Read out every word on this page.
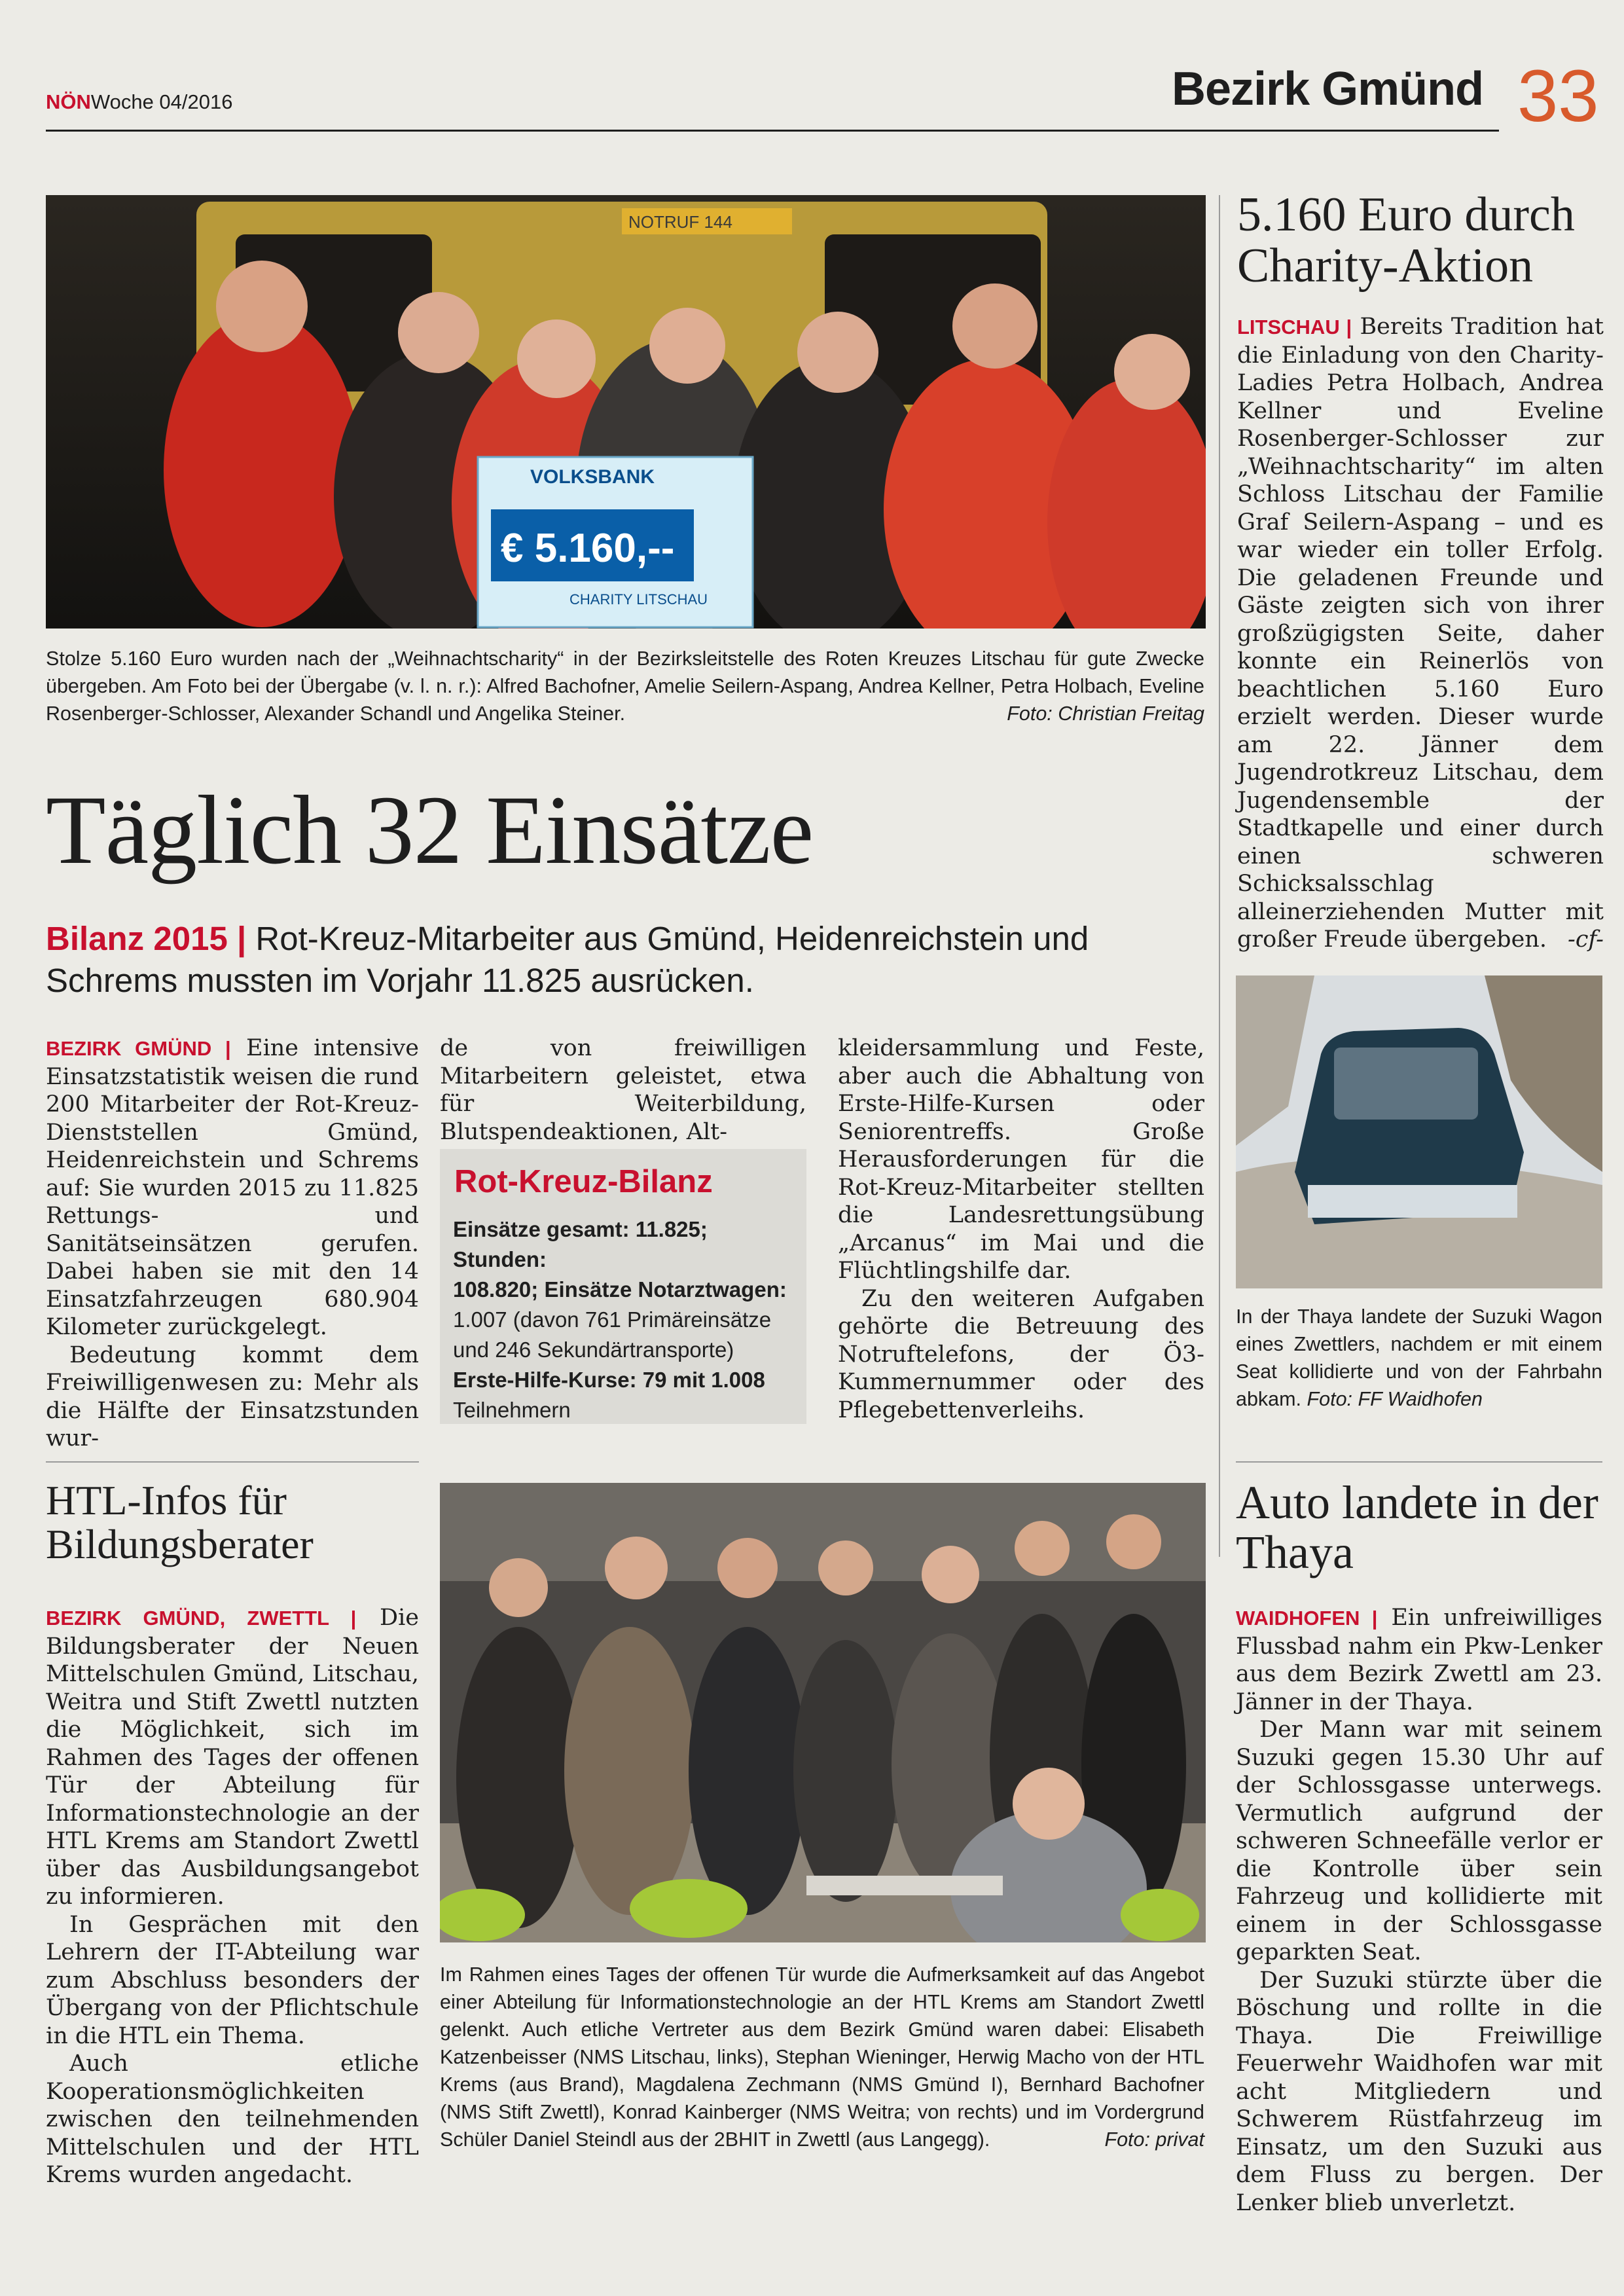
NÖNWoche 04/2016	Bezirk Gmünd 33
NOTRUF 144
VOLKSBANK
€ 5.160,--
CHARITY LITSCHAU
Stolze 5.160 Euro wurden nach der „Weihnachtscharity“ in der Bezirksleitstelle des Roten Kreuzes Litschau für gute Zwecke übergeben. Am Foto bei der Übergabe (v. l. n. r.): Alfred Bachofner, Amelie Seilern-Aspang, Andrea Kellner, Petra Holbach, Eveline Rosenberger-Schlosser, Alexander Schandl und Angelika Steiner.	Foto: Christian Freitag
5.160 Euro durch Charity-Aktion

LITSCHAU | Bereits Tradition hat die Einladung von den Charity-Ladies Petra Holbach, Andrea Kellner und Eveline Rosenberger-Schlosser zur „Weihnachtscharity“ im alten Schloss Litschau der Familie Graf Seilern-Aspang – und es war wieder ein toller Erfolg. Die geladenen Freunde und Gäste zeigten sich von ihrer großzügigsten Seite, daher konnte ein Reinerlös von beachtlichen 5.160 Euro erzielt werden. Dieser wurde am 22. Jänner dem Jugendrotkreuz Litschau, dem Jugendensemble der Stadtkapelle und einer durch einen schweren Schicksalsschlag alleinerziehenden Mutter mit großer Freude übergeben. -cf-

Täglich 32 Einsätze
Bilanz 2015 | Rot-Kreuz-Mitarbeiter aus Gmünd, Heidenreichstein und Schrems mussten im Vorjahr 11.825 ausrücken.

BEZIRK GMÜND | Eine intensive Einsatzstatistik weisen die rund 200 Mitarbeiter der Rot-Kreuz-Dienststellen Gmünd, Heidenreichstein und Schrems auf: Sie wurden 2015 zu 11.825 Rettungs- und Sanitätseinsätzen gerufen. Dabei haben sie mit den 14 Einsatzfahrzeugen 680.904 Kilometer zurückgelegt.

Bedeutung kommt dem Freiwilligenwesen zu: Mehr als die Hälfte der Einsatzstunden wur-

de von freiwilligen Mitarbeitern geleistet, etwa für Weiterbildung, Blutspendeaktionen, Alt-

Rot-Kreuz-Bilanz
Einsätze gesamt: 11.825; Stunden:
108.820; Einsätze Notarztwagen:
1.007 (davon 761 Primäreinsätze
und 246 Sekundärtransporte)
Erste-Hilfe-Kurse: 79 mit 1.008
Teilnehmern

kleidersammlung und Feste, aber auch die Abhaltung von Erste-Hilfe-Kursen oder Seniorentreffs. Große Herausforderungen für die Rot-Kreuz-Mitarbeiter stellten die Landesrettungsübung „Arcanus“ im Mai und die Flüchtlingshilfe dar.

Zu den weiteren Aufgaben gehörte die Betreuung des Notruftelefons, der Ö3-Kummernummer oder des Pflegebettenverleihs.

In der Thaya landete der Suzuki Wagon eines Zwettlers, nachdem er mit einem Seat kollidierte und von der Fahrbahn abkam. Foto: FF Waidhofen
HTL-Infos für Bildungsberater

BEZIRK GMÜND, ZWETTL | Die Bildungsberater der Neuen Mittelschulen Gmünd, Litschau, Weitra und Stift Zwettl nutzten die Möglichkeit, sich im Rahmen des Tages der offenen Tür der Abteilung für Informationstechnologie an der HTL Krems am Standort Zwettl über das Ausbildungsangebot zu informieren.

In Gesprächen mit den Lehrern der IT-Abteilung war zum Abschluss besonders der Übergang von der Pflichtschule in die HTL ein Thema.

Auch etliche Kooperationsmöglichkeiten zwischen den teilnehmenden Mittelschulen und der HTL Krems wurden angedacht.

Im Rahmen eines Tages der offenen Tür wurde die Aufmerksamkeit auf das Angebot einer Abteilung für Informationstechnologie an der HTL Krems am Standort Zwettl gelenkt. Auch etliche Vertreter aus dem Bezirk Gmünd waren dabei: Elisabeth Katzenbeisser (NMS Litschau, links), Stephan Wieninger, Herwig Macho von der HTL Krems (aus Brand), Magdalena Zechmann (NMS Gmünd I), Bernhard Bachofner (NMS Stift Zwettl), Konrad Kainberger (NMS Weitra; von rechts) und im Vordergrund Schüler Daniel Steindl aus der 2BHIT in Zwettl (aus Langegg).	Foto: privat
Auto landete in der Thaya

WAIDHOFEN | Ein unfreiwilliges Flussbad nahm ein Pkw-Lenker aus dem Bezirk Zwettl am 23. Jänner in der Thaya.

Der Mann war mit seinem Suzuki gegen 15.30 Uhr auf der Schlossgasse unterwegs. Vermutlich aufgrund der schweren Schneefälle verlor er die Kontrolle über sein Fahrzeug und kollidierte mit einem in der Schlossgasse geparkten Seat.

Der Suzuki stürzte über die Böschung und rollte in die Thaya. Die Freiwillige Feuerwehr Waidhofen war mit acht Mitgliedern und Schwerem Rüstfahrzeug im Einsatz, um den Suzuki aus dem Fluss zu bergen. Der Lenker blieb unverletzt.
